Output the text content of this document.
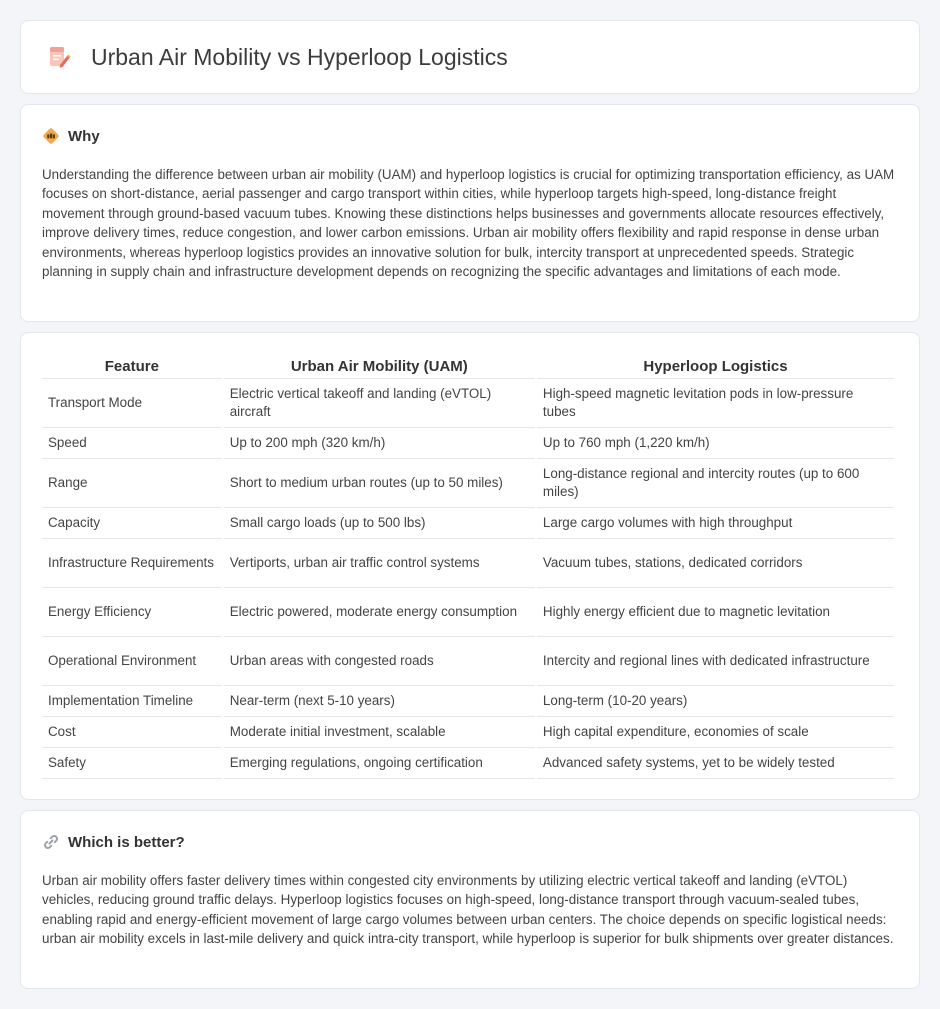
Urban Air Mobility vs Hyperloop Logistics
Why

Understanding the difference between urban air mobility (UAM) and hyperloop logistics is crucial for optimizing transportation efficiency, as UAM focuses on short-distance, aerial passenger and cargo transport within cities, while hyperloop targets high-speed, long-distance freight movement through ground-based vacuum tubes. Knowing these distinctions helps businesses and governments allocate resources effectively, improve delivery times, reduce congestion, and lower carbon emissions. Urban air mobility offers flexibility and rapid response in dense urban environments, whereas hyperloop logistics provides an innovative solution for bulk, intercity transport at unprecedented speeds. Strategic planning in supply chain and infrastructure development depends on recognizing the specific advantages and limitations of each mode.

Feature	Urban Air Mobility (UAM)	Hyperloop Logistics
Transport Mode	Electric vertical takeoff and landing (eVTOL) aircraft	High-speed magnetic levitation pods in low-pressure tubes
Speed	Up to 200 mph (320 km/h)	Up to 760 mph (1,220 km/h)
Range	Short to medium urban routes (up to 50 miles)	Long-distance regional and intercity routes (up to 600 miles)
Capacity	Small cargo loads (up to 500 lbs)	Large cargo volumes with high throughput
Infrastructure Requirements	Vertiports, urban air traffic control systems	Vacuum tubes, stations, dedicated corridors
Energy Efficiency	Electric powered, moderate energy consumption	Highly energy efficient due to magnetic levitation
Operational Environment	Urban areas with congested roads	Intercity and regional lines with dedicated infrastructure
Implementation Timeline	Near-term (next 5-10 years)	Long-term (10-20 years)
Cost	Moderate initial investment, scalable	High capital expenditure, economies of scale
Safety	Emerging regulations, ongoing certification	Advanced safety systems, yet to be widely tested
Which is better?

Urban air mobility offers faster delivery times within congested city environments by utilizing electric vertical takeoff and landing (eVTOL) vehicles, reducing ground traffic delays. Hyperloop logistics focuses on high-speed, long-distance transport through vacuum-sealed tubes, enabling rapid and energy-efficient movement of large cargo volumes between urban centers. The choice depends on specific logistical needs: urban air mobility excels in last-mile delivery and quick intra-city transport, while hyperloop is superior for bulk shipments over greater distances.
